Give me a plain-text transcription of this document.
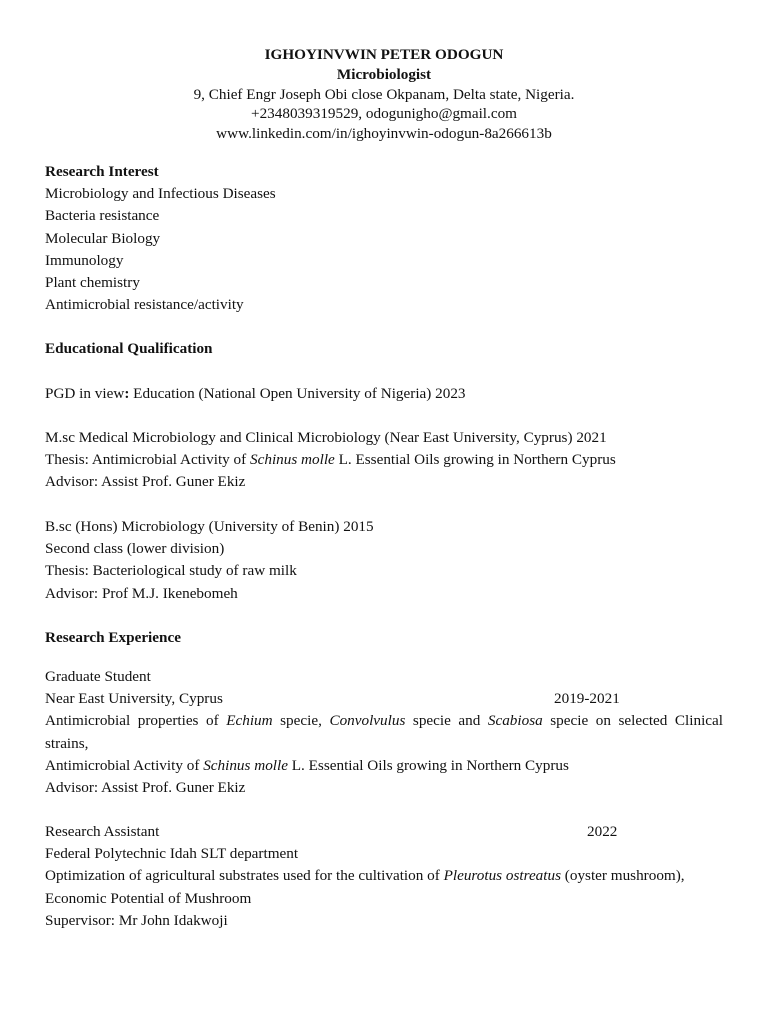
IGHOYINVWIN PETER ODOGUN
Microbiologist
9, Chief Engr Joseph Obi close Okpanam, Delta state, Nigeria.
+2348039319529, odogunigho@gmail.com
www.linkedin.com/in/ighoyinvwin-odogun-8a266613b
Research Interest
Microbiology and Infectious Diseases
Bacteria resistance
Molecular Biology
Immunology
Plant chemistry
Antimicrobial resistance/activity
Educational Qualification
PGD in view: Education (National Open University of Nigeria) 2023
M.sc Medical Microbiology and Clinical Microbiology (Near East University, Cyprus) 2021
Thesis: Antimicrobial Activity of Schinus molle L. Essential Oils growing in Northern Cyprus
Advisor: Assist Prof. Guner Ekiz
B.sc (Hons) Microbiology (University of Benin) 2015
Second class (lower division)
Thesis: Bacteriological study of raw milk
Advisor: Prof M.J. Ikenebomeh
Research Experience
Graduate Student
Near East University, Cyprus	2019-2021
Antimicrobial properties of Echium specie, Convolvulus specie and Scabiosa specie on selected Clinical strains,
Antimicrobial Activity of Schinus molle L. Essential Oils growing in Northern Cyprus
Advisor: Assist Prof. Guner Ekiz
Research Assistant	2022
Federal Polytechnic Idah SLT department
Optimization of agricultural substrates used for the cultivation of Pleurotus ostreatus (oyster mushroom),
Economic Potential of Mushroom
Supervisor: Mr John Idakwoji
